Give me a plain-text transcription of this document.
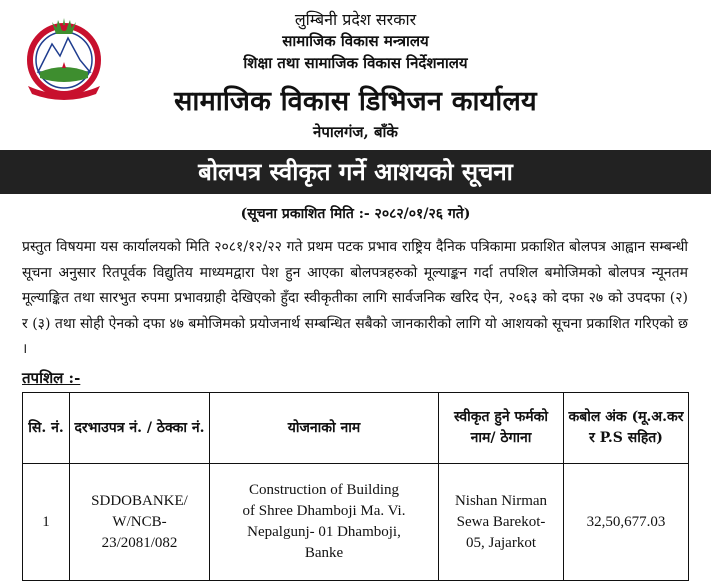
लुम्बिनी प्रदेश सरकार
सामाजिक विकास मन्त्रालय
शिक्षा तथा सामाजिक विकास निर्देशनालय
सामाजिक विकास डिभिजन कार्यालय
नेपालगंज, बाँके
बोलपत्र स्वीकृत गर्ने आशयको सूचना
(सूचना प्रकाशित मिति :- २०८२/०१/२६ गते)

प्रस्तुत विषयमा यस कार्यालयको मिति २०८१/१२/२२ गते प्रथम पटक प्रभाव राष्ट्रिय दैनिक पत्रिकामा प्रकाशित बोलपत्र आह्वान सम्बन्धी सूचना अनुसार रितपूर्वक विद्युतिय माध्यमद्वारा पेश हुन आएका बोलपत्रहरुको मूल्याङ्कन गर्दा तपशिल बमोजिमको बोलपत्र न्यूनतम मूल्याङ्कित तथा सारभुत रुपमा प्रभावग्राही देखिएको हुँदा स्वीकृतीका लागि सार्वजनिक खरिद ऐन, २०६३ को दफा २७ को उपदफा (२) र (३) तथा सोही ऐनको दफा ४७ बमोजिमको प्रयोजनार्थ सम्बन्धित सबैको जानकारीको लागि यो आशयको सूचना प्रकाशित गरिएको छ ।

तपशिल :-
सि. नं.	दरभाउपत्र नं. / ठेक्का नं.	योजनाको नाम	स्वीकृत हुने फर्मको नाम/ ठेगाना	कबोल अंक (मू.अ.कर र P.S सहित)
1	SDDOBANKE/
W/NCB-
23/2081/082	Construction of Building
of Shree Dhamboji Ma. Vi.
Nepalgunj- 01 Dhamboji,
Banke	Nishan Nirman
Sewa Barekot-
05, Jajarkot	32,50,677.03
